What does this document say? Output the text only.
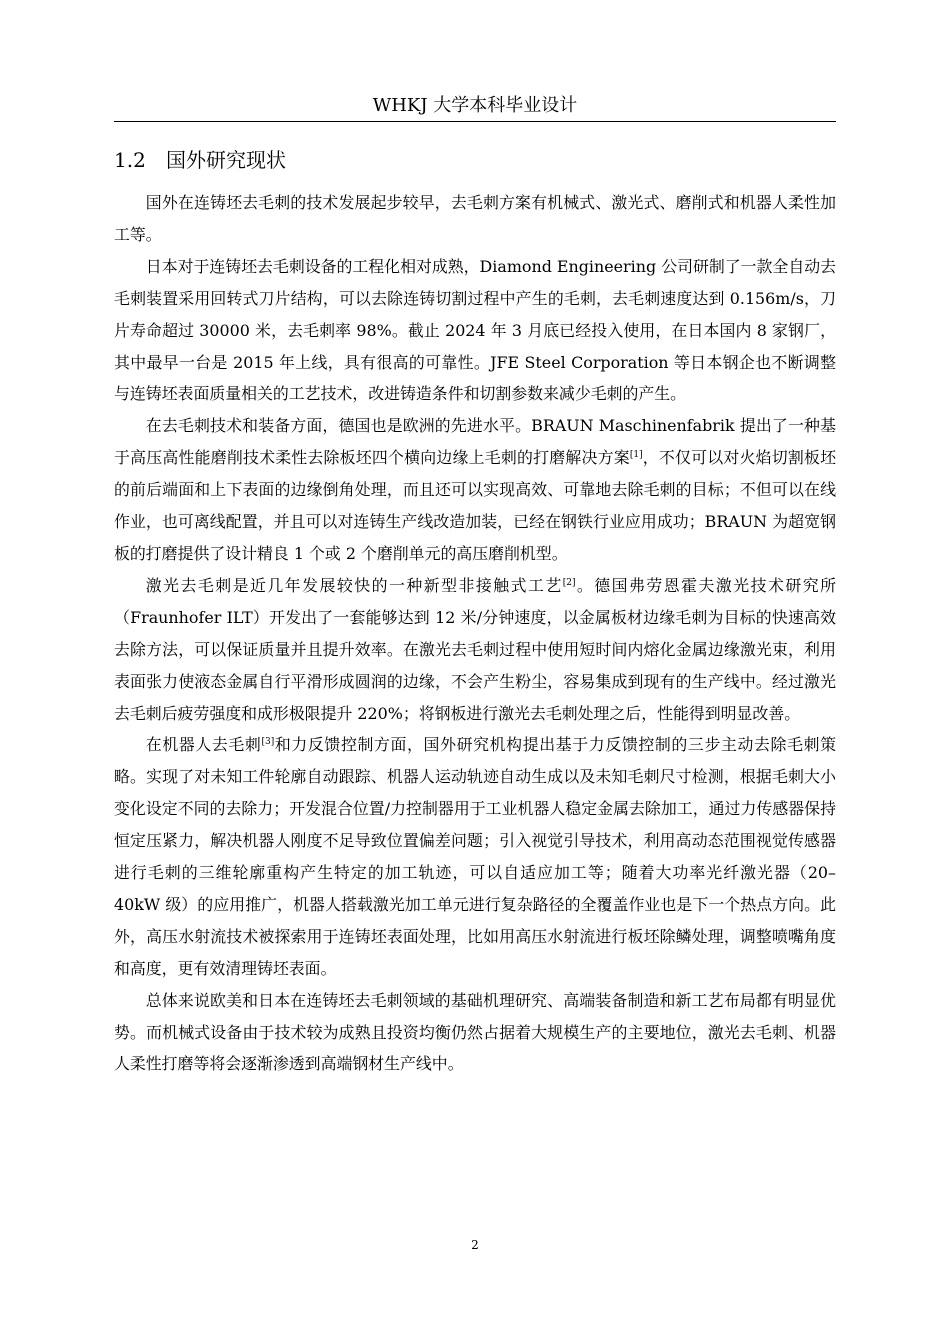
WHKJ 大学本科毕业设计
1.2 国外研究现状

国外在连铸坯去毛刺的技术发展起步较早，去毛刺方案有机械式、激光式、磨削式和机器人柔性加工等。

日本对于连铸坯去毛刺设备的工程化相对成熟，Diamond Engineering 公司研制了一款全自动去毛刺装置采用回转式刀片结构，可以去除连铸切割过程中产生的毛刺，去毛刺速度达到 0.156m/s，刀片寿命超过 30000 米，去毛刺率 98%。截止 2024 年 3 月底已经投入使用，在日本国内 8 家钢厂，其中最早一台是 2015 年上线，具有很高的可靠性。JFE Steel Corporation 等日本钢企也不断调整与连铸坯表面质量相关的工艺技术，改进铸造条件和切割参数来减少毛刺的产生。

在去毛刺技术和装备方面，德国也是欧洲的先进水平。BRAUN Maschinenfabrik 提出了一种基于高压高性能磨削技术柔性去除板坯四个横向边缘上毛刺的打磨解决方案[1]，不仅可以对火焰切割板坯的前后端面和上下表面的边缘倒角处理，而且还可以实现高效、可靠地去除毛刺的目标；不但可以在线作业，也可离线配置，并且可以对连铸生产线改造加装，已经在钢铁行业应用成功；BRAUN 为超宽钢板的打磨提供了设计精良 1 个或 2 个磨削单元的高压磨削机型。

激光去毛刺是近几年发展较快的一种新型非接触式工艺[2]。德国弗劳恩霍夫激光技术研究所（Fraunhofer ILT）开发出了一套能够达到 12 米/分钟速度，以金属板材边缘毛刺为目标的快速高效去除方法，可以保证质量并且提升效率。在激光去毛刺过程中使用短时间内熔化金属边缘激光束，利用表面张力使液态金属自行平滑形成圆润的边缘，不会产生粉尘，容易集成到现有的生产线中。经过激光去毛刺后疲劳强度和成形极限提升 220%；将钢板进行激光去毛刺处理之后，性能得到明显改善。

在机器人去毛刺[3]和力反馈控制方面，国外研究机构提出基于力反馈控制的三步主动去除毛刺策略。实现了对未知工件轮廓自动跟踪、机器人运动轨迹自动生成以及未知毛刺尺寸检测，根据毛刺大小变化设定不同的去除力；开发混合位置/力控制器用于工业机器人稳定金属去除加工，通过力传感器保持恒定压紧力，解决机器人刚度不足导致位置偏差问题；引入视觉引导技术，利用高动态范围视觉传感器进行毛刺的三维轮廓重构产生特定的加工轨迹，可以自适应加工等；随着大功率光纤激光器（20–40kW 级）的应用推广，机器人搭载激光加工单元进行复杂路径的全覆盖作业也是下一个热点方向。此外，高压水射流技术被探索用于连铸坯表面处理，比如用高压水射流进行板坯除鳞处理，调整喷嘴角度和高度，更有效清理铸坯表面。

总体来说欧美和日本在连铸坯去毛刺领域的基础机理研究、高端装备制造和新工艺布局都有明显优势。而机械式设备由于技术较为成熟且投资均衡仍然占据着大规模生产的主要地位，激光去毛刺、机器人柔性打磨等将会逐渐渗透到高端钢材生产线中。

2
